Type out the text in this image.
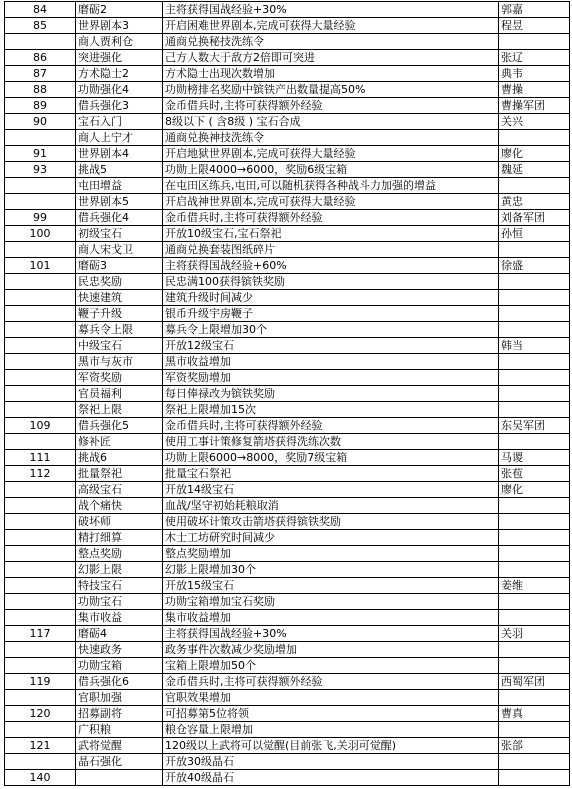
84	磨砺2	主将获得国战经验+30%	郭嘉
85	世界剧本3	开启困难世界剧本,完成可获得大量经验	程昱
	商人贾利仓	通商兑换秘技洗练令	
86	突进强化	己方人数大于敌方2倍即可突进	张辽
87	方术隐士2	方术隐士出现次数增加	典韦
88	功勋强化4	功勋榜排名奖励中镔铁产出数量提高50%	曹操
89	借兵强化3	金币借兵时,主将可获得额外经验	曹操军团
90	宝石入门	8级以下 ( 含8级 ) 宝石合成	关兴
	商人上宁才	通商兑换神技洗练令	
91	世界剧本4	开启地狱世界剧本,完成可获得大量经验	廖化
93	挑战5	功勋上限4000→6000，奖励6级宝箱	魏延
	屯田增益	在屯田区练兵,屯田,可以随机获得各种战斗力加强的增益	
	世界剧本5	开启战神世界剧本,完成可获得大量经验	黄忠
99	借兵强化4	金币借兵时,主将可获得额外经验	刘备军团
100	初级宝石	开放10级宝石,宝石祭祀	孙恒
	商人宋戈卫	通商兑换套装图纸碎片	
101	磨砺3	主将获得国战经验+60%	徐盛
	民忠奖励	民忠满100获得镔铁奖励	
	快速建筑	建筑升级时间减少	
	鞭子升级	银币升级宇房鞭子	
	募兵令上限	募兵令上限增加30个	
	中级宝石	开放12级宝石	韩当
	黑市与灰市	黑市收益增加	
	军资奖励	军资奖励增加	
	官员福利	每日俸禄改为镔铁奖励	
	祭祀上限	祭祀上限增加15次	
109	借兵强化5	金币借兵时,主将可获得额外经验	东吴军团
	修补匠	使用工事计策修复箭塔获得洗练次数	
111	挑战6	功勋上限6000→8000，奖励7级宝箱	马谡
112	批量祭祀	批量宝石祭祀	张苞
	高级宝石	开放14级宝石	廖化
	战个痛快	血战/坚守初始耗粮取消	
	破坏师	使用破坏计策攻击箭塔获得镔铁奖励	
	精打细算	木士工坊研究时间减少	
	整点奖励	整点奖励增加	
	幻影上限	幻影上限增加30个	
	特技宝石	开放15级宝石	姜维
	功勋宝石	功勋宝箱增加宝石奖励	
	集市收益	集市收益增加	
117	磨砺4	主将获得国战经验+30%	关羽
	快速政务	政务事件次数减少奖励增加	
	功勋宝箱	宝箱上限增加50个	
119	借兵强化6	金币借兵时,主将可获得额外经验	西蜀军团
	官职加强	官职效果增加	
120	招募副将	可招募第5位将领	曹真
	广积粮	粮仓容量上限增加	
121	武将觉醒	120级以上武将可以觉醒(目前张飞,关羽可觉醒)	张郃
	晶石强化	开放30级晶石	
140		开放40级晶石	
